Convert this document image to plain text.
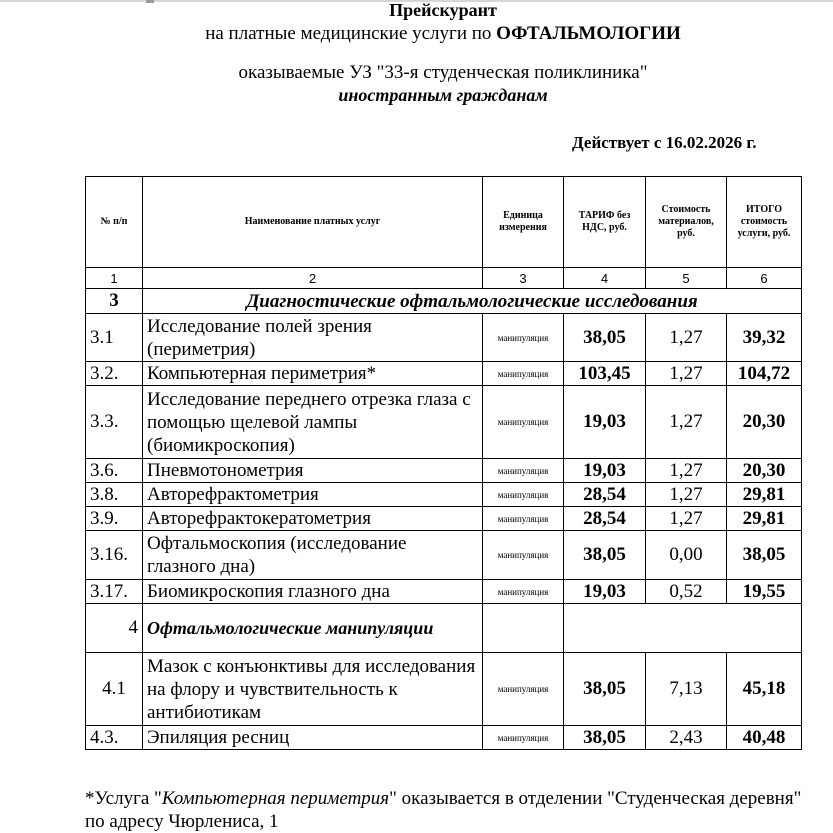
Прейскурант
на платные медицинские услуги по ОФТАЛЬМОЛОГИИ
оказываемые УЗ "33-я студенческая поликлиника"
иностранным гражданам
Действует с 16.02.2026 г.
№ п/п	Наименование платных услуг	Единица измерения	ТАРИФ без НДС, руб.	Стоимость материалов, руб.	ИТОГО стоимость услуги, руб.
1	2	3	4	5	6
3	Диагностические офтальмологические исследования				
3.1	Исследование полей зрения (периметрия)	манипуляция	38,05	1,27	39,32
3.2.	Компьютерная периметрия*	манипуляция	103,45	1,27	104,72
3.3.	Исследование переднего отрезка глаза с помощью щелевой лампы (биомикроскопия)	манипуляция	19,03	1,27	20,30
3.6.	Пневмотонометрия	манипуляция	19,03	1,27	20,30
3.8.	Авторефрактометрия	манипуляция	28,54	1,27	29,81
3.9.	Авторефрактокератометрия	манипуляция	28,54	1,27	29,81
3.16.	Офтальмоскопия (исследование глазного дна)	манипуляция	38,05	0,00	38,05
3.17.	Биомикроскопия глазного дна	манипуляция	19,03	0,52	19,55
4	Офтальмологические манипуляции				
4.1	Мазок с конъюнктивы для исследования на флору и чувствительность к антибиотикам	манипуляция	38,05	7,13	45,18
4.3.	Эпиляция ресниц	манипуляция	38,05	2,43	40,48
*Услуга "Компьютерная периметрия" оказывается в отделении "Студенческая деревня" по адресу Чюрлениса, 1
